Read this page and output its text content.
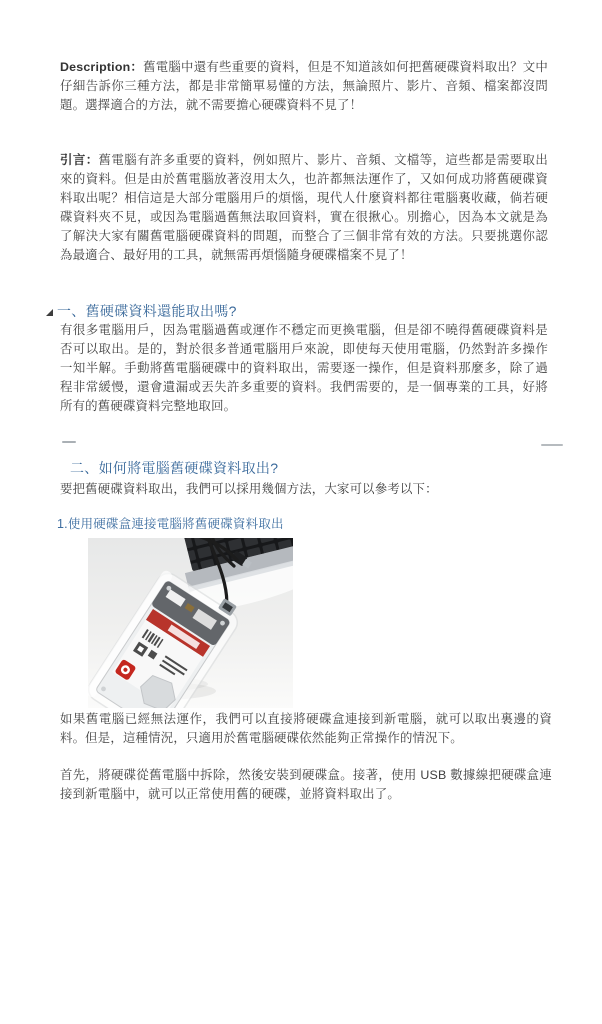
Description：舊電腦中還有些重要的資料，但是不知道該如何把舊硬碟資料取出？文中仔細告訴你三種方法，都是非常簡單易懂的方法，無論照片、影片、音頻、檔案都沒問題。選擇適合的方法，就不需要擔心硬碟資料不見了！

引言：舊電腦有許多重要的資料，例如照片、影片、音頻、文檔等，這些都是需要取出來的資料。但是由於舊電腦放著沒用太久，也許都無法運作了，又如何成功將舊硬碟資料取出呢？相信這是大部分電腦用戶的煩惱，現代人什麼資料都往電腦裏收藏，倘若硬碟資料夾不見，或因為電腦過舊無法取回資料，實在很揪心。別擔心，因為本文就是為了解決大家有關舊電腦硬碟資料的問題，而整合了三個非常有效的方法。只要挑選你認為最適合、最好用的工具，就無需再煩惱隨身硬碟檔案不見了！

一、舊硬碟資料還能取出嗎?

有很多電腦用戶，因為電腦過舊或運作不穩定而更換電腦，但是卻不曉得舊硬碟資料是否可以取出。是的，對於很多普通電腦用戶來說，即使每天使用電腦，仍然對許多操作一知半解。手動將舊電腦硬碟中的資料取出，需要逐一操作，但是資料那麼多，除了過程非常緩慢，還會遺漏或丟失許多重要的資料。我們需要的，是一個專業的工具，好將所有的舊硬碟資料完整地取回。

二、如何將電腦舊硬碟資料取出?

要把舊硬碟資料取出，我們可以採用幾個方法，大家可以參考以下：

1.使用硬碟盒連接電腦將舊硬碟資料取出

如果舊電腦已經無法運作，我們可以直接將硬碟盒連接到新電腦，就可以取出裏邊的資料。但是，這種情況，只適用於舊電腦硬碟依然能夠正常操作的情況下。

首先，將硬碟從舊電腦中拆除，然後安裝到硬碟盒。接著，使用 USB 數據線把硬碟盒連接到新電腦中，就可以正常使用舊的硬碟，並將資料取出了。
